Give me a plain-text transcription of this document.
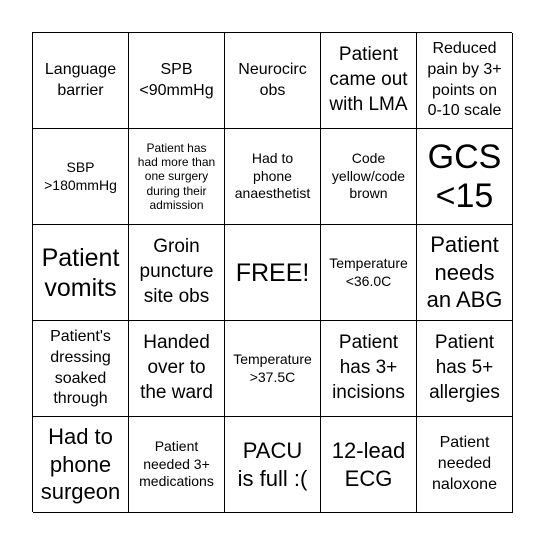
Language
barrier
SPB
<90mmHg
Neurocirc
obs
Patient
came out
with LMA
Reduced
pain by 3+
points on
0-10 scale
SBP
>180mmHg
Patient has
had more than
one surgery
during their
admission
Had to
phone
anaesthetist
Code
yellow/code
brown
GCS
<15
Patient
vomits
Groin
puncture
site obs
FREE!	Temperature
<36.0C
Patient
needs
an ABG
Patient's
dressing
soaked
through
Handed
over to
the ward
Temperature
>37.5C
Patient
has 3+
incisions
Patient
has 5+
allergies
Had to
phone
surgeon
Patient
needed 3+
medications
PACU
is full :(
12-lead
ECG
Patient
needed
naloxone
